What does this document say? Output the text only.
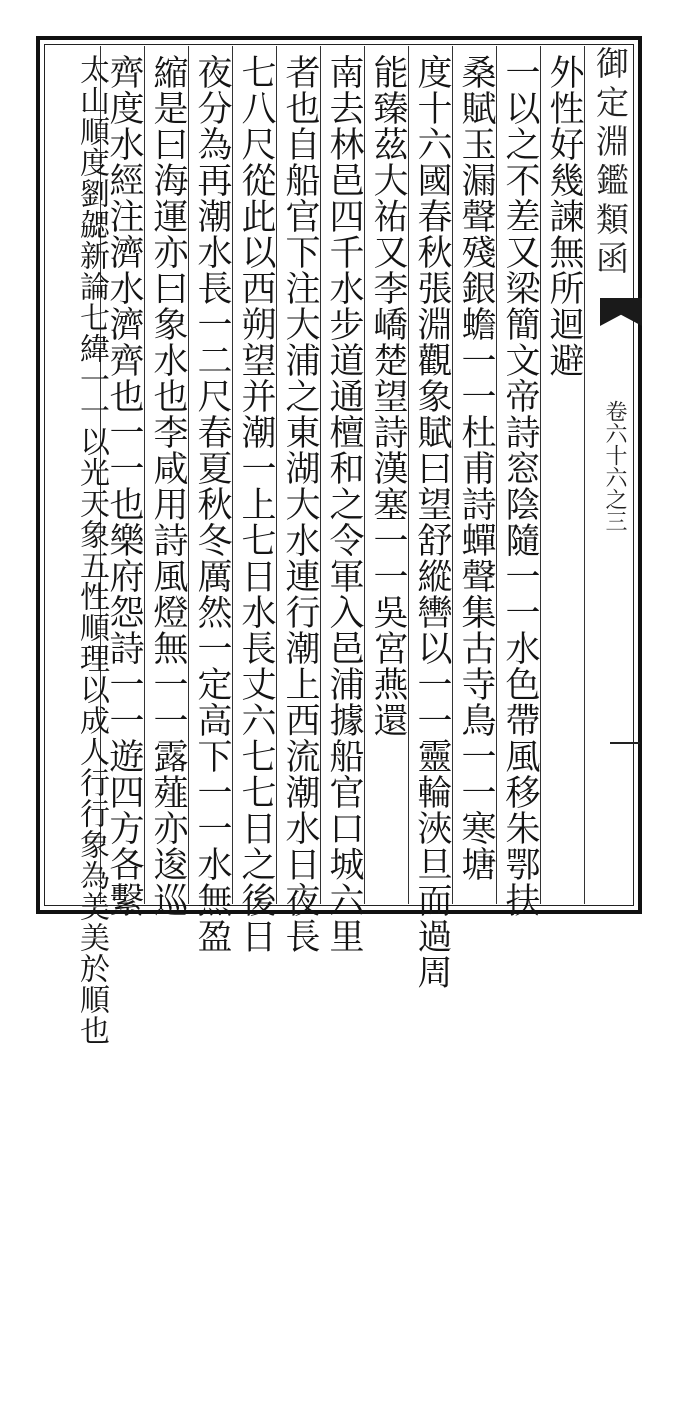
御定淵鑑類函
卷六十六之三
外性好幾諫無所迴避
一以之不差又梁簡文帝詩窓陰隨一一水色帶風移朱鄂扶
桑賦玉漏聲殘銀蟾一一杜甫詩蟬聲集古寺鳥一一寒塘
度十六國春秋張淵觀象賦曰望舒縱轡以一一靈輪浹旦而過周
能臻茲大祐又李嶠楚望詩漢塞一一吳宮燕還
南去林邑四千水步道通檀和之令軍入邑浦據船官口城六里
者也自船官下注大浦之東湖大水連行潮上西流潮水日夜長
七八尺從此以西朔望并潮一上七日水長丈六七七日之後日
夜分為再潮水長一二尺春夏秋冬厲然一定高下一一水無盈
縮是曰海運亦曰象水也李咸用詩風燈無一一露薤亦逡巡
齊度水經注濟水濟齊也一一也樂府怨詩一一遊四方各繫
太山順度劉勰新論七緯一一以光天象五性順理以成人行行象為美美於順也
錄古度齊民要術熙安縣有狐樹
